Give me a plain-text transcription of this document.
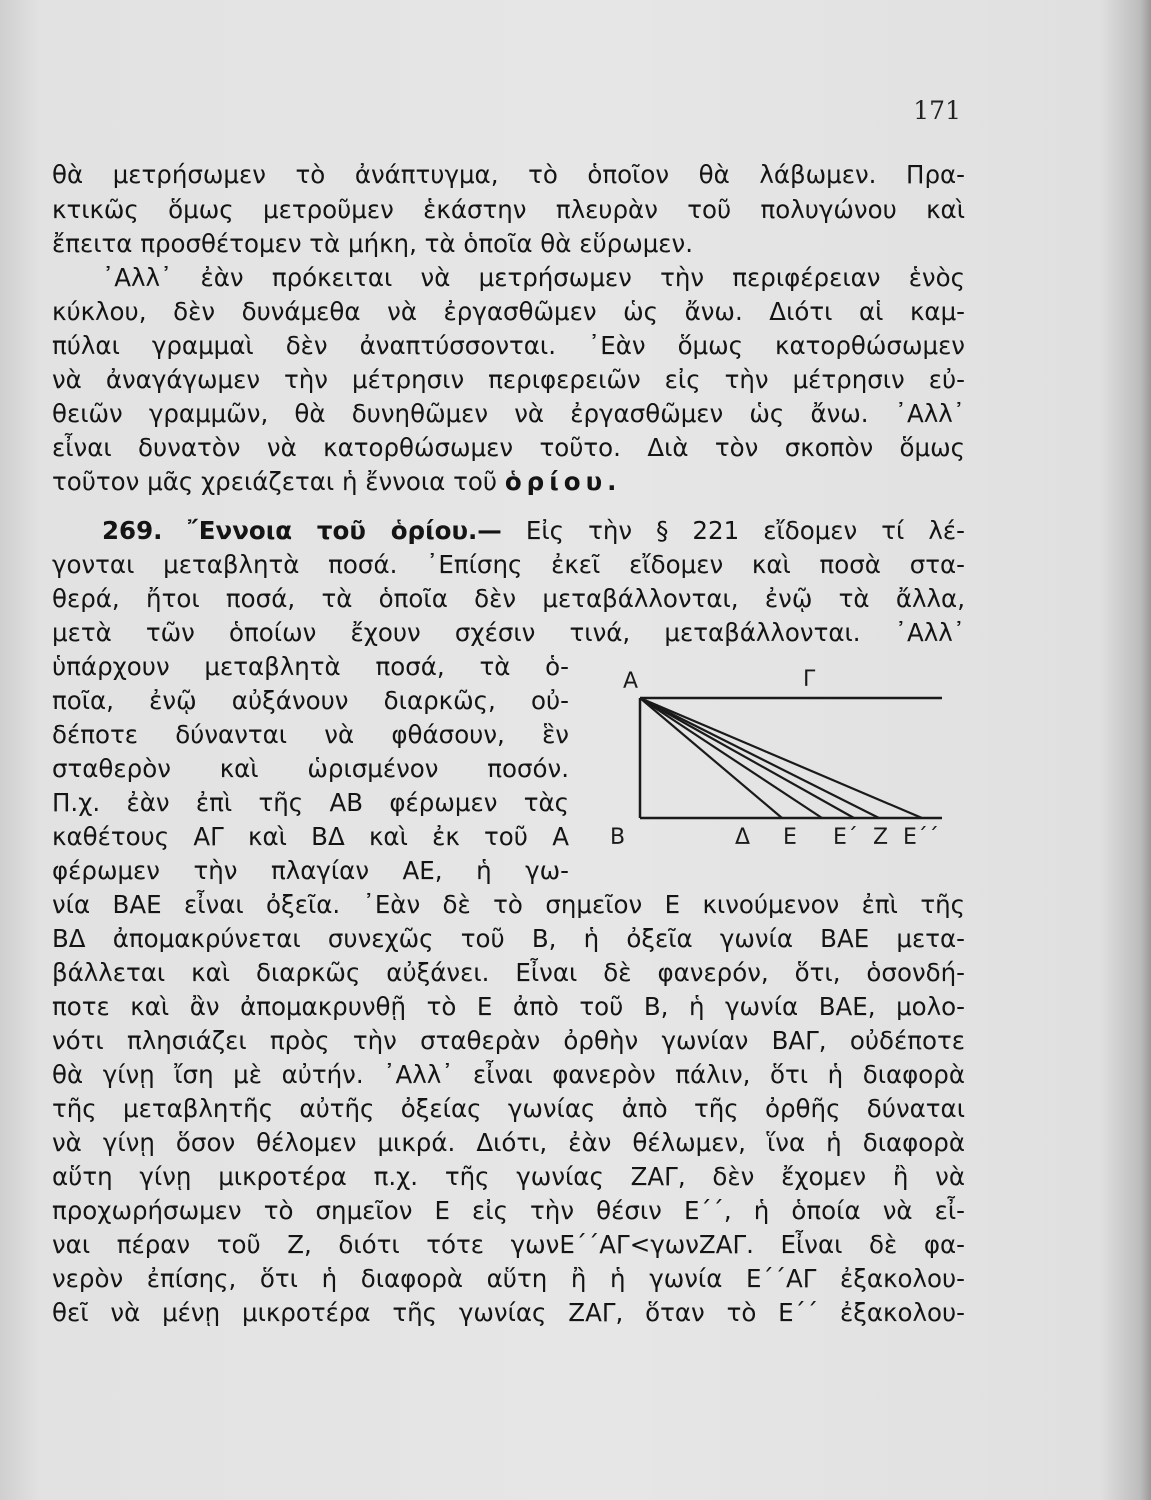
171
θὰ μετρήσωμεν τὸ ἀνάπτυγμα, τὸ ὁποῖον θὰ λάβωμεν. Πρα-
κτικῶς ὅμως μετροῦμεν ἑκάστην πλευρὰν τοῦ πολυγώνου καὶ
ἔπειτα προσθέτομεν τὰ μήκη, τὰ ὁποῖα θὰ εὕρωμεν.
᾿Αλλ᾿ ἐὰν πρόκειται νὰ μετρήσωμεν τὴν περιφέρειαν ἑνὸς
κύκλου, δὲν δυνάμεθα νὰ ἐργασθῶμεν ὡς ἄνω. Διότι αἱ καμ-
πύλαι γραμμαὶ δὲν ἀναπτύσσονται. ᾿Εὰν ὅμως κατορθώσωμεν
νὰ ἀναγάγωμεν τὴν μέτρησιν περιφερειῶν εἰς τὴν μέτρησιν εὐ-
θειῶν γραμμῶν, θὰ δυνηθῶμεν νὰ ἐργασθῶμεν ὡς ἄνω. ᾿Αλλ᾿
εἶναι δυνατὸν νὰ κατορθώσωμεν τοῦτο. Διὰ τὸν σκοπὸν ὅμως
τοῦτον μᾶς χρειάζεται ἡ ἔννοια τοῦ ὁρίου.
269. ῎Εννοια τοῦ ὁρίου.— Εἰς τὴν § 221 εἴδομεν τί λέ-
γονται μεταβλητὰ ποσά. ᾿Επίσης ἐκεῖ εἴδομεν καὶ ποσὰ στα-
θερά, ἤτοι ποσά, τὰ ὁποῖα δὲν μεταβάλλονται, ἐνῷ τὰ ἄλλα,
μετὰ τῶν ὁποίων ἔχουν σχέσιν τινά, μεταβάλλονται. ᾿Αλλ᾿
ὑπάρχουν μεταβλητὰ ποσά, τὰ ὁ-
ποῖα, ἐνῷ αὐξάνουν διαρκῶς, οὐ-
δέποτε δύνανται νὰ φθάσουν, ἓν
σταθερὸν καὶ ὡρισμένον ποσόν.
Π.χ. ἐὰν ἐπὶ τῆς ΑΒ φέρωμεν τὰς
καθέτους ΑΓ καὶ ΒΔ καὶ ἐκ τοῦ Α
φέρωμεν τὴν πλαγίαν ΑΕ, ἡ γω-
νία ΒΑΕ εἶναι ὀξεῖα. ᾿Εὰν δὲ τὸ σημεῖον Ε κινούμενον ἐπὶ τῆς
ΒΔ ἀπομακρύνεται συνεχῶς τοῦ Β, ἡ ὀξεῖα γωνία ΒΑΕ μετα-
βάλλεται καὶ διαρκῶς αὐξάνει. Εἶναι δὲ φανερόν, ὅτι, ὁσονδή-
ποτε καὶ ἂν ἀπομακρυνθῇ τὸ Ε ἀπὸ τοῦ Β, ἡ γωνία ΒΑΕ, μολο-
νότι πλησιάζει πρὸς τὴν σταθερὰν ὀρθὴν γωνίαν ΒΑΓ, οὐδέποτε
θὰ γίνῃ ἴση μὲ αὐτήν. ᾿Αλλ᾿ εἶναι φανερὸν πάλιν, ὅτι ἡ διαφορὰ
τῆς μεταβλητῆς αὐτῆς ὀξείας γωνίας ἀπὸ τῆς ὀρθῆς δύναται
νὰ γίνῃ ὅσον θέλομεν μικρά. Διότι, ἐὰν θέλωμεν, ἵνα ἡ διαφορὰ
αὕτη γίνῃ μικροτέρα π.χ. τῆς γωνίας ΖΑΓ, δὲν ἔχομεν ἢ νὰ
προχωρήσωμεν τὸ σημεῖον Ε εἰς τὴν θέσιν Ε΄΄, ἡ ὁποία νὰ εἶ-
ναι πέραν τοῦ Ζ, διότι τότε γωνΕ΄΄ΑΓ<γωνΖΑΓ. Εἶναι δὲ φα-
νερὸν ἐπίσης, ὅτι ἡ διαφορὰ αὕτη ἢ ἡ γωνία Ε΄΄ΑΓ ἐξακολου-
θεῖ νὰ μένῃ μικροτέρα τῆς γωνίας ΖΑΓ, ὅταν τὸ Ε΄΄ ἐξακολου-
Α	Γ
Β	Δ Ε Ε΄ Ζ Ε΄΄
